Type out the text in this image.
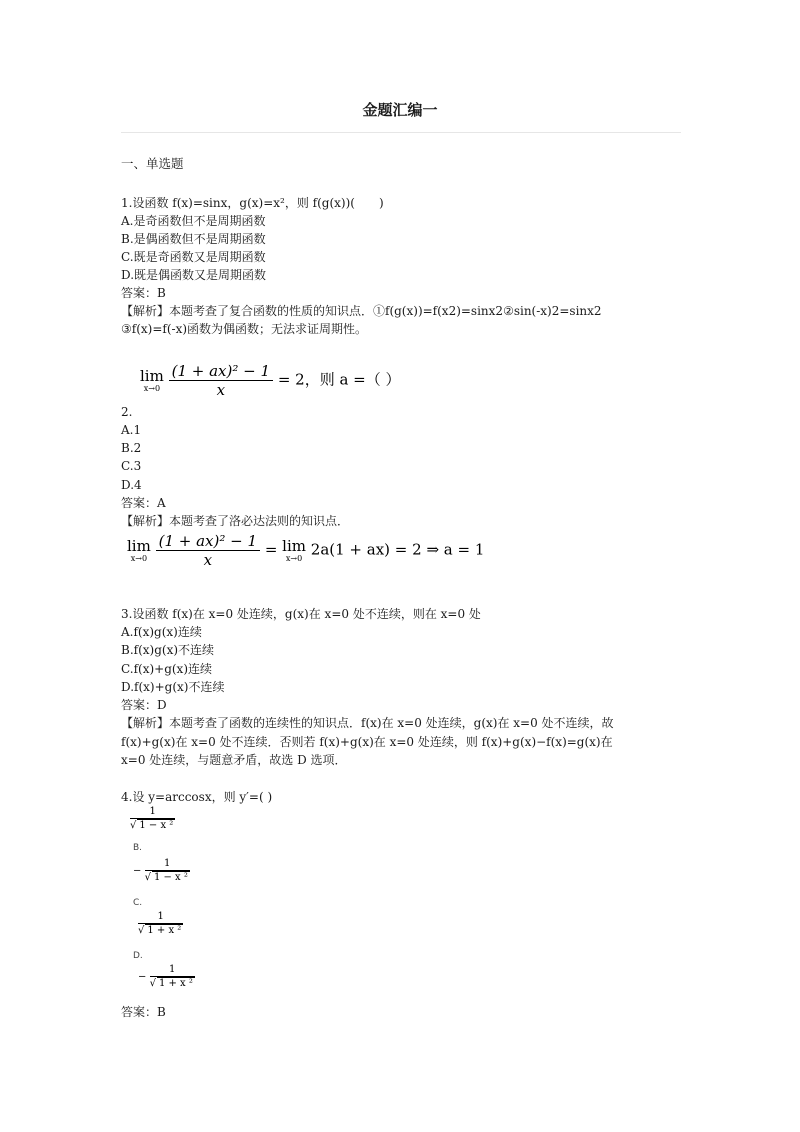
金题汇编一
一、单选题
1.设函数 f(x)=sinx，g(x)=x²，则 f(g(x))(　　)
A.是奇函数但不是周期函数
B.是偶函数但不是周期函数
C.既是奇函数又是周期函数
D.既是偶函数又是周期函数
答案：B
【解析】本题考查了复合函数的性质的知识点．①f(g(x))=f(x2)=sinx2②sin(-x)2=sinx2
③f(x)=f(-x)函数为偶函数；无法求证周期性。
lim
x→0
$\frac{\text{(1 + ax)² − 1}}{x} = 2$，则 a =（ ）
2.
A.1
B.2
C.3
D.4
答案：A
【解析】本题考查了洛必达法则的知识点．
lim
x→0
$\frac{\text{(1 + ax)² − 1}}{x} = \lim$
x→0 2a(1 + ax) = 2 ⇒ a = 1
3.设函数 f(x)在 x=0 处连续，g(x)在 x=0 处不连续，则在 x=0 处
A.f(x)g(x)连续
B.f(x)g(x)不连续
C.f(x)+g(x)连续
D.f(x)+g(x)不连续
答案：D
【解析】本题考查了函数的连续性的知识点．f(x)在 x=0 处连续，g(x)在 x=0 处不连续，故
f(x)+g(x)在 x=0 处不连续．否则若 f(x)+g(x)在 x=0 处连续，则 f(x)+g(x)−f(x)=g(x)在
x=0 处连续，与题意矛盾，故选 D 选项．
4.设 y=arccosx，则 y′=( )
$\frac{1}{\text{√ 1 − x ²}}$
B.
− $\frac{1}{\text{√ 1 − x ²}}$
C.
$\frac{1}{\text{√ 1 + x ²}}$
D.
− $\frac{1}{\text{√ 1 + x ²}}$
答案：B
